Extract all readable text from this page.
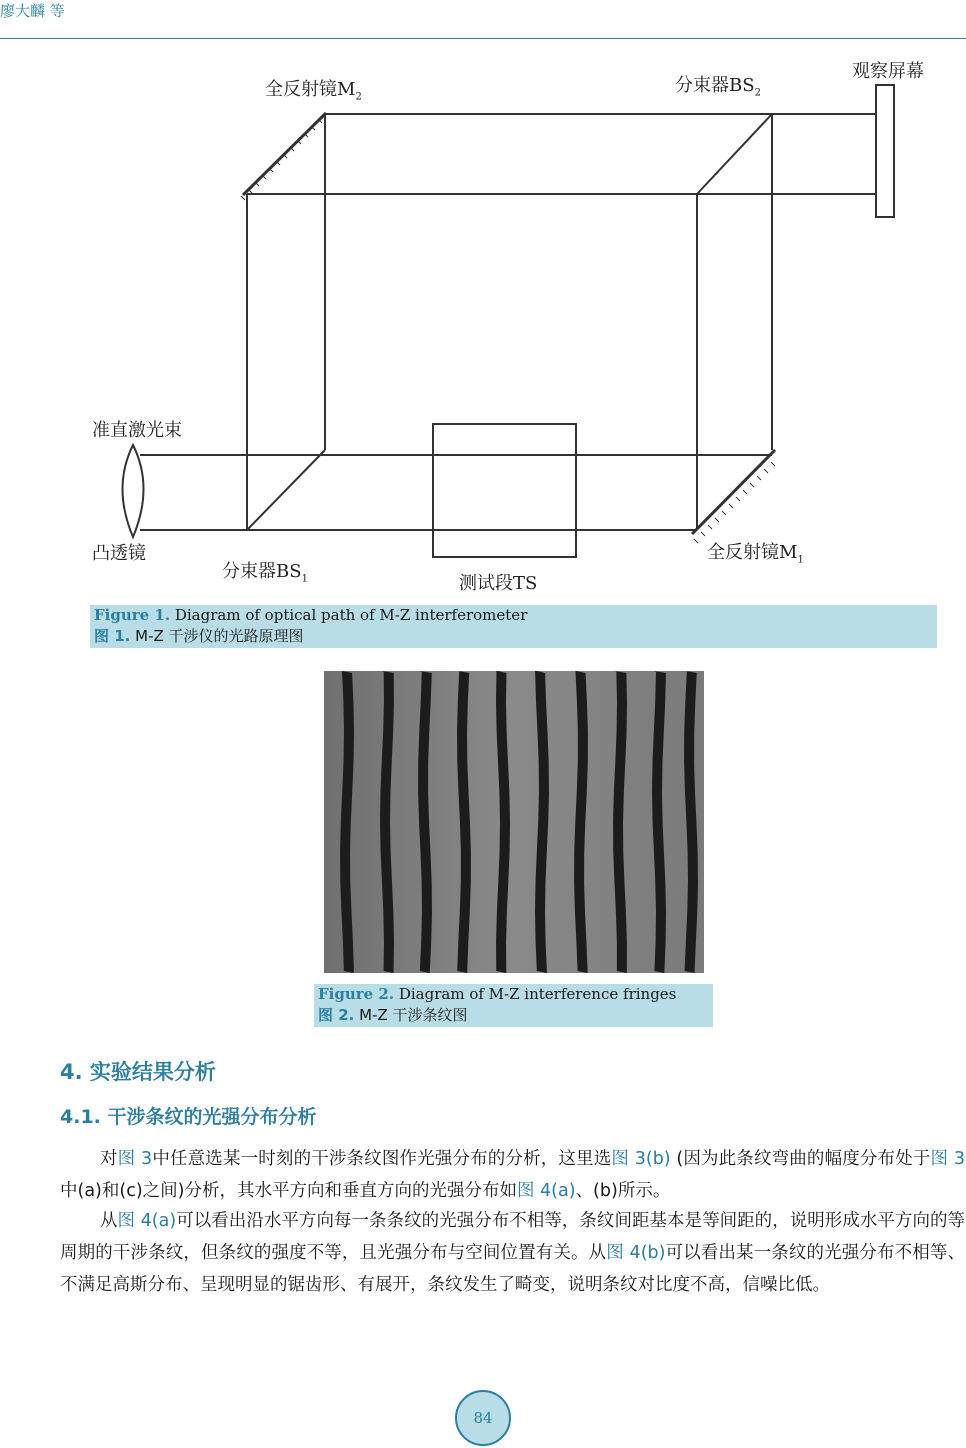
廖大麟 等
全反射镜$M_2$
分束器$BS_2$
观察屏幕
准直激光束
凸透镜
分束器$BS_1$	测试段TS
全反射镜$M_1$
Figure 1. Diagram of optical path of M-Z interferometer
图 1. M-Z 干涉仪的光路原理图
Figure 2. Diagram of M-Z interference fringes
图 2. M-Z 干涉条纹图
4. 实验结果分析
4.1. 干涉条纹的光强分布分析
对图 3中任意选某一时刻的干涉条纹图作光强分布的分析，这里选图 3(b) (因为此条纹弯曲的幅度分布处于图 3中(a)和(c)之间)分析，其水平方向和垂直方向的光强分布如图 4(a)、(b)所示。
从图 4(a)可以看出沿水平方向每一条条纹的光强分布不相等，条纹间距基本是等间距的，说明形成水平方向的等周期的干涉条纹，但条纹的强度不等，且光强分布与空间位置有关。从图 4(b)可以看出某一条纹的光强分布不相等、不满足高斯分布、呈现明显的锯齿形、有展开，条纹发生了畸变，说明条纹对比度不高，信噪比低。
84
